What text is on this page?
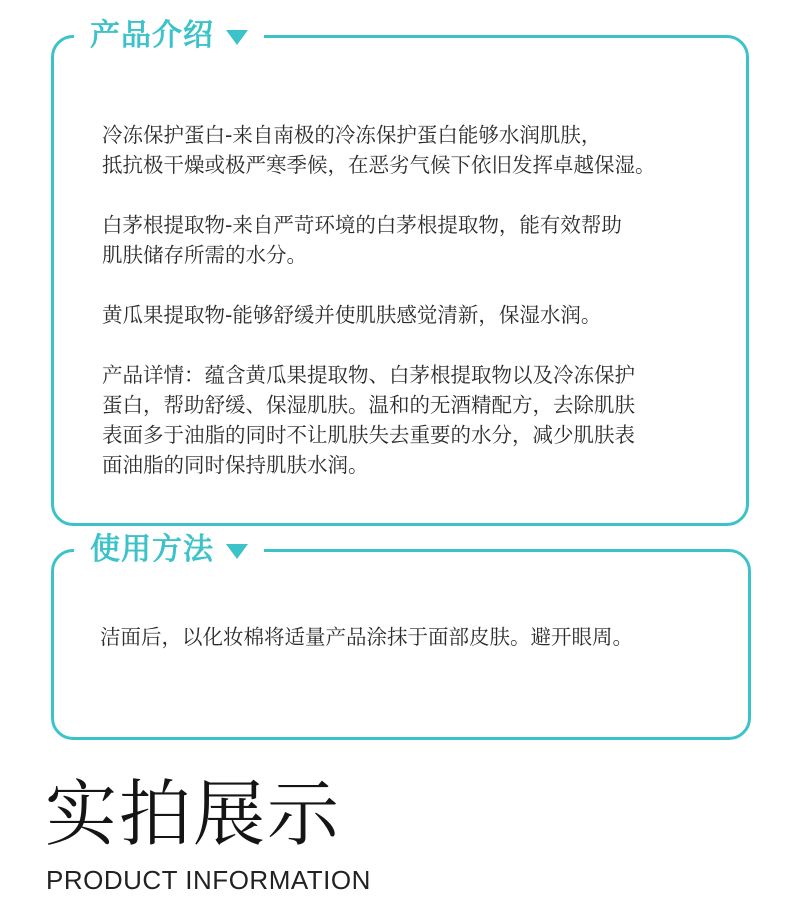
产品介绍

冷冻保护蛋白-来自南极的冷冻保护蛋白能够水润肌肤，
抵抗极干燥或极严寒季候，在恶劣气候下依旧发挥卓越保湿。

白茅根提取物-来自严苛环境的白茅根提取物，能有效帮助
肌肤储存所需的水分。

黄瓜果提取物-能够舒缓并使肌肤感觉清新，保湿水润。

产品详情：蕴含黄瓜果提取物、白茅根提取物以及冷冻保护
蛋白，帮助舒缓、保湿肌肤。温和的无酒精配方，去除肌肤
表面多于油脂的同时不让肌肤失去重要的水分，减少肌肤表
面油脂的同时保持肌肤水润。

使用方法
洁面后，以化妆棉将适量产品涂抹于面部皮肤。避开眼周。
实拍展示
PRODUCT INFORMATION
